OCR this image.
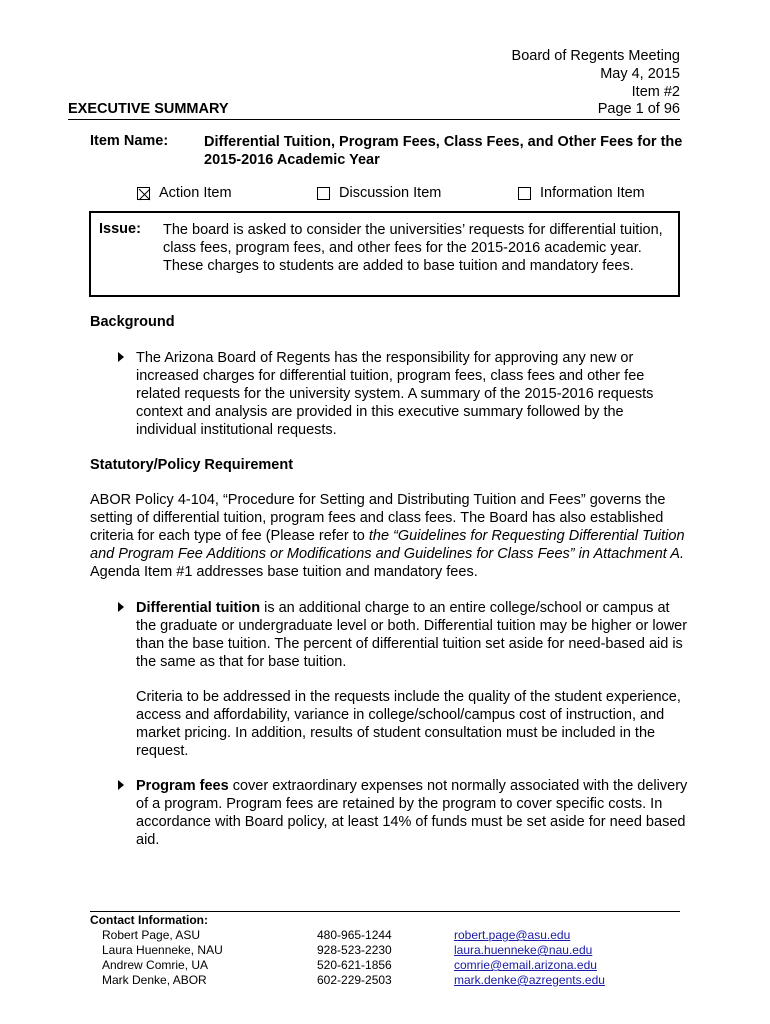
Board of Regents Meeting
May 4, 2015
Item #2
EXECUTIVE SUMMARY	Page 1 of 96
Item Name: Differential Tuition, Program Fees, Class Fees, and Other Fees for the 2015-2016 Academic Year
Action Item	Discussion Item	Information Item
Issue: The board is asked to consider the universities’ requests for differential tuition, class fees, program fees, and other fees for the 2015-2016 academic year. These charges to students are added to base tuition and mandatory fees.
Background
The Arizona Board of Regents has the responsibility for approving any new or increased charges for differential tuition, program fees, class fees and other fee related requests for the university system. A summary of the 2015-2016 requests context and analysis are provided in this executive summary followed by the individual institutional requests.
Statutory/Policy Requirement
ABOR Policy 4-104, “Procedure for Setting and Distributing Tuition and Fees” governs the setting of differential tuition, program fees and class fees. The Board has also established criteria for each type of fee (Please refer to the “Guidelines for Requesting Differential Tuition and Program Fee Additions or Modifications and Guidelines for Class Fees” in Attachment A. Agenda Item #1 addresses base tuition and mandatory fees.
Differential tuition is an additional charge to an entire college/school or campus at the graduate or undergraduate level or both. Differential tuition may be higher or lower than the base tuition. The percent of differential tuition set aside for need-based aid is the same as that for base tuition.
Criteria to be addressed in the requests include the quality of the student experience, access and affordability, variance in college/school/campus cost of instruction, and market pricing. In addition, results of student consultation must be included in the request.
Program fees cover extraordinary expenses not normally associated with the delivery of a program. Program fees are retained by the program to cover specific costs. In accordance with Board policy, at least 14% of funds must be set aside for need based aid.
Contact Information:
Robert Page, ASU	480-965-1244	robert.page@asu.edu
Laura Huenneke, NAU	928-523-2230	laura.huenneke@nau.edu
Andrew Comrie, UA	520-621-1856	comrie@email.arizona.edu
Mark Denke, ABOR	602-229-2503	mark.denke@azregents.edu
